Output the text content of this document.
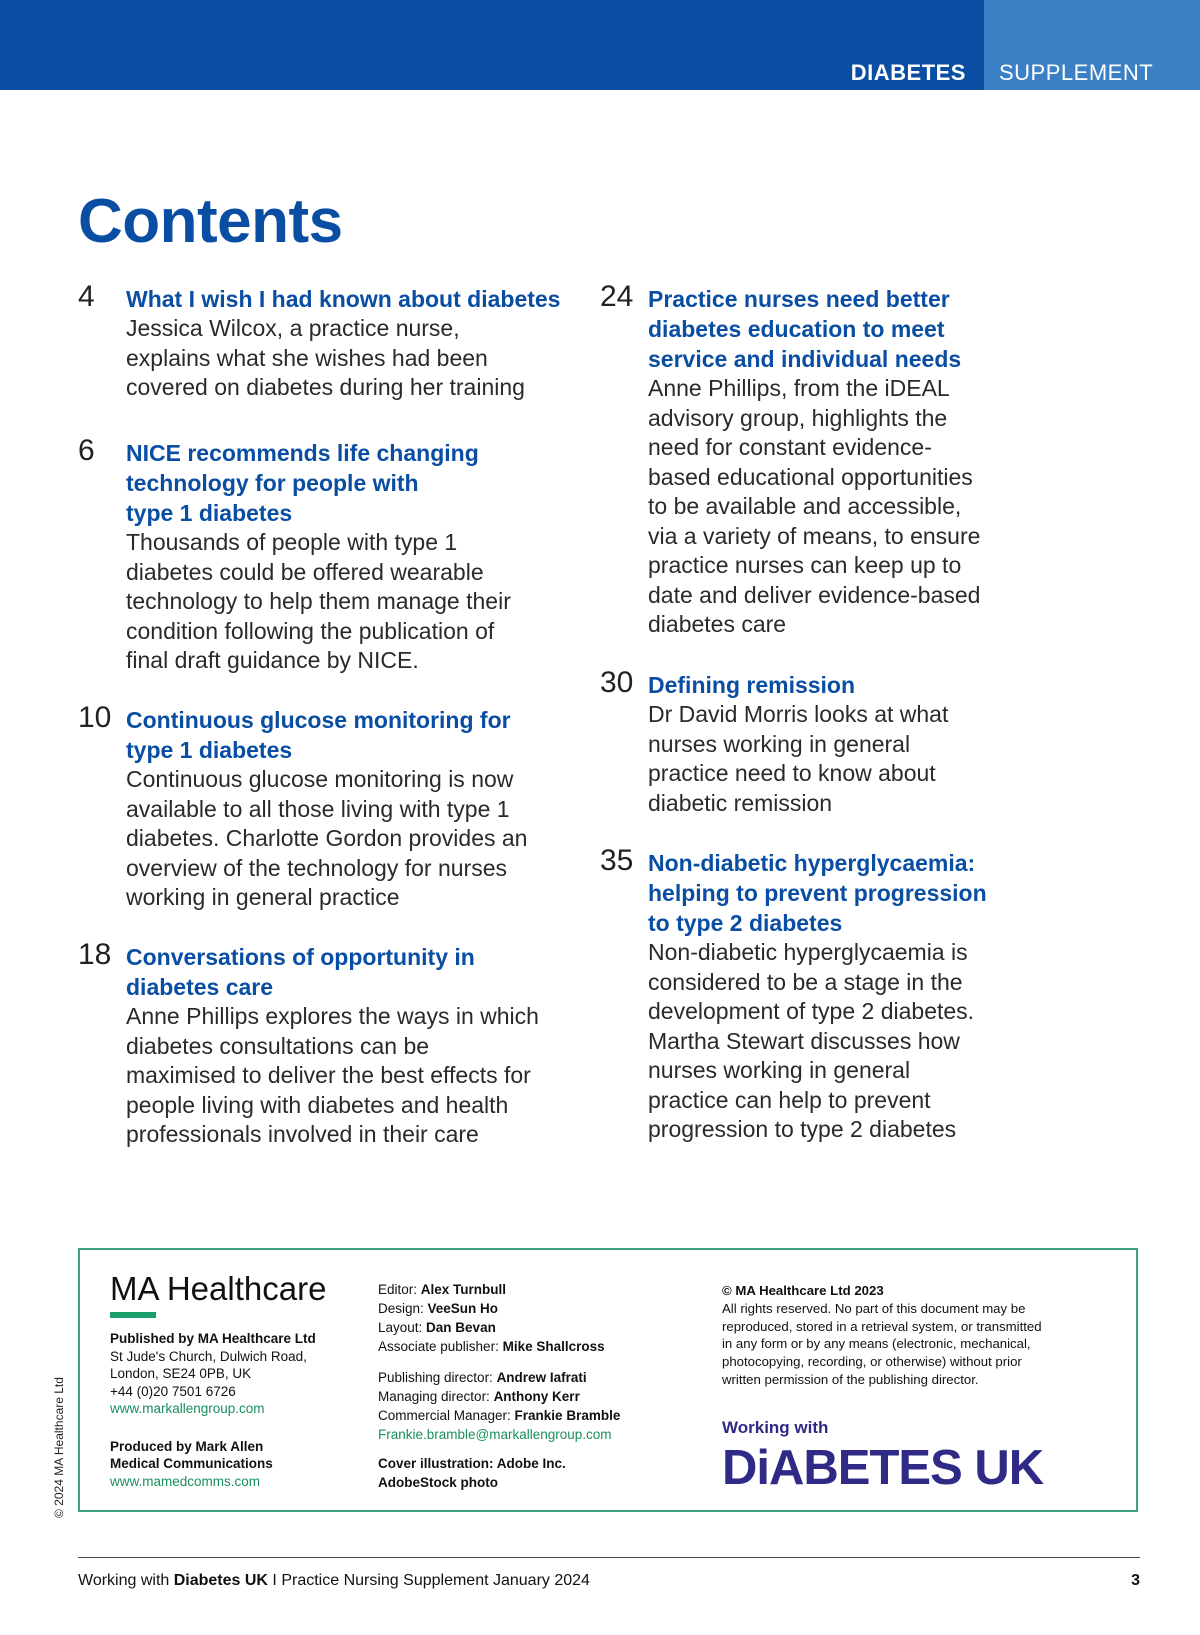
DIABETES SUPPLEMENT
Contents
4 What I wish I had known about diabetes
Jessica Wilcox, a practice nurse,
explains what she wishes had been
covered on diabetes during her training
6 NICE recommends life changing
technology for people with
type 1 diabetes
Thousands of people with type 1
diabetes could be offered wearable
technology to help them manage their
condition following the publication of
final draft guidance by NICE.
10 Continuous glucose monitoring for
type 1 diabetes
Continuous glucose monitoring is now
available to all those living with type 1
diabetes. Charlotte Gordon provides an
overview of the technology for nurses
working in general practice
18 Conversations of opportunity in
diabetes care
Anne Phillips explores the ways in which
diabetes consultations can be
maximised to deliver the best effects for
people living with diabetes and health
professionals involved in their care
24 Practice nurses need better
diabetes education to meet
service and individual needs
Anne Phillips, from the iDEAL
advisory group, highlights the
need for constant evidence-
based educational opportunities
to be available and accessible,
via a variety of means, to ensure
practice nurses can keep up to
date and deliver evidence-based
diabetes care
30 Defining remission
Dr David Morris looks at what
nurses working in general
practice need to know about
diabetic remission
35 Non-diabetic hyperglycaemia:
helping to prevent progression
to type 2 diabetes
Non-diabetic hyperglycaemia is
considered to be a stage in the
development of type 2 diabetes.
Martha Stewart discusses how
nurses working in general
practice can help to prevent
progression to type 2 diabetes
MA Healthcare
Published by MA Healthcare Ltd
St Jude's Church, Dulwich Road,
London, SE24 0PB, UK
+44 (0)20 7501 6726
www.markallengroup.com
Produced by Mark Allen
Medical Communications
www.mamedcomms.com
Editor: Alex Turnbull
Design: VeeSun Ho
Layout: Dan Bevan
Associate publisher: Mike Shallcross
Publishing director: Andrew Iafrati
Managing director: Anthony Kerr
Commercial Manager: Frankie Bramble
Frankie.bramble@markallengroup.com
Cover illustration: Adobe Inc.
AdobeStock photo
© MA Healthcare Ltd 2023
All rights reserved. No part of this document may be
reproduced, stored in a retrieval system, or transmitted
in any form or by any means (electronic, mechanical,
photocopying, recording, or otherwise) without prior
written permission of the publishing director.
Working with
DiABETES UK
© 2024 MA Healthcare Ltd
Working with Diabetes UK I Practice Nursing Supplement January 2024	3
